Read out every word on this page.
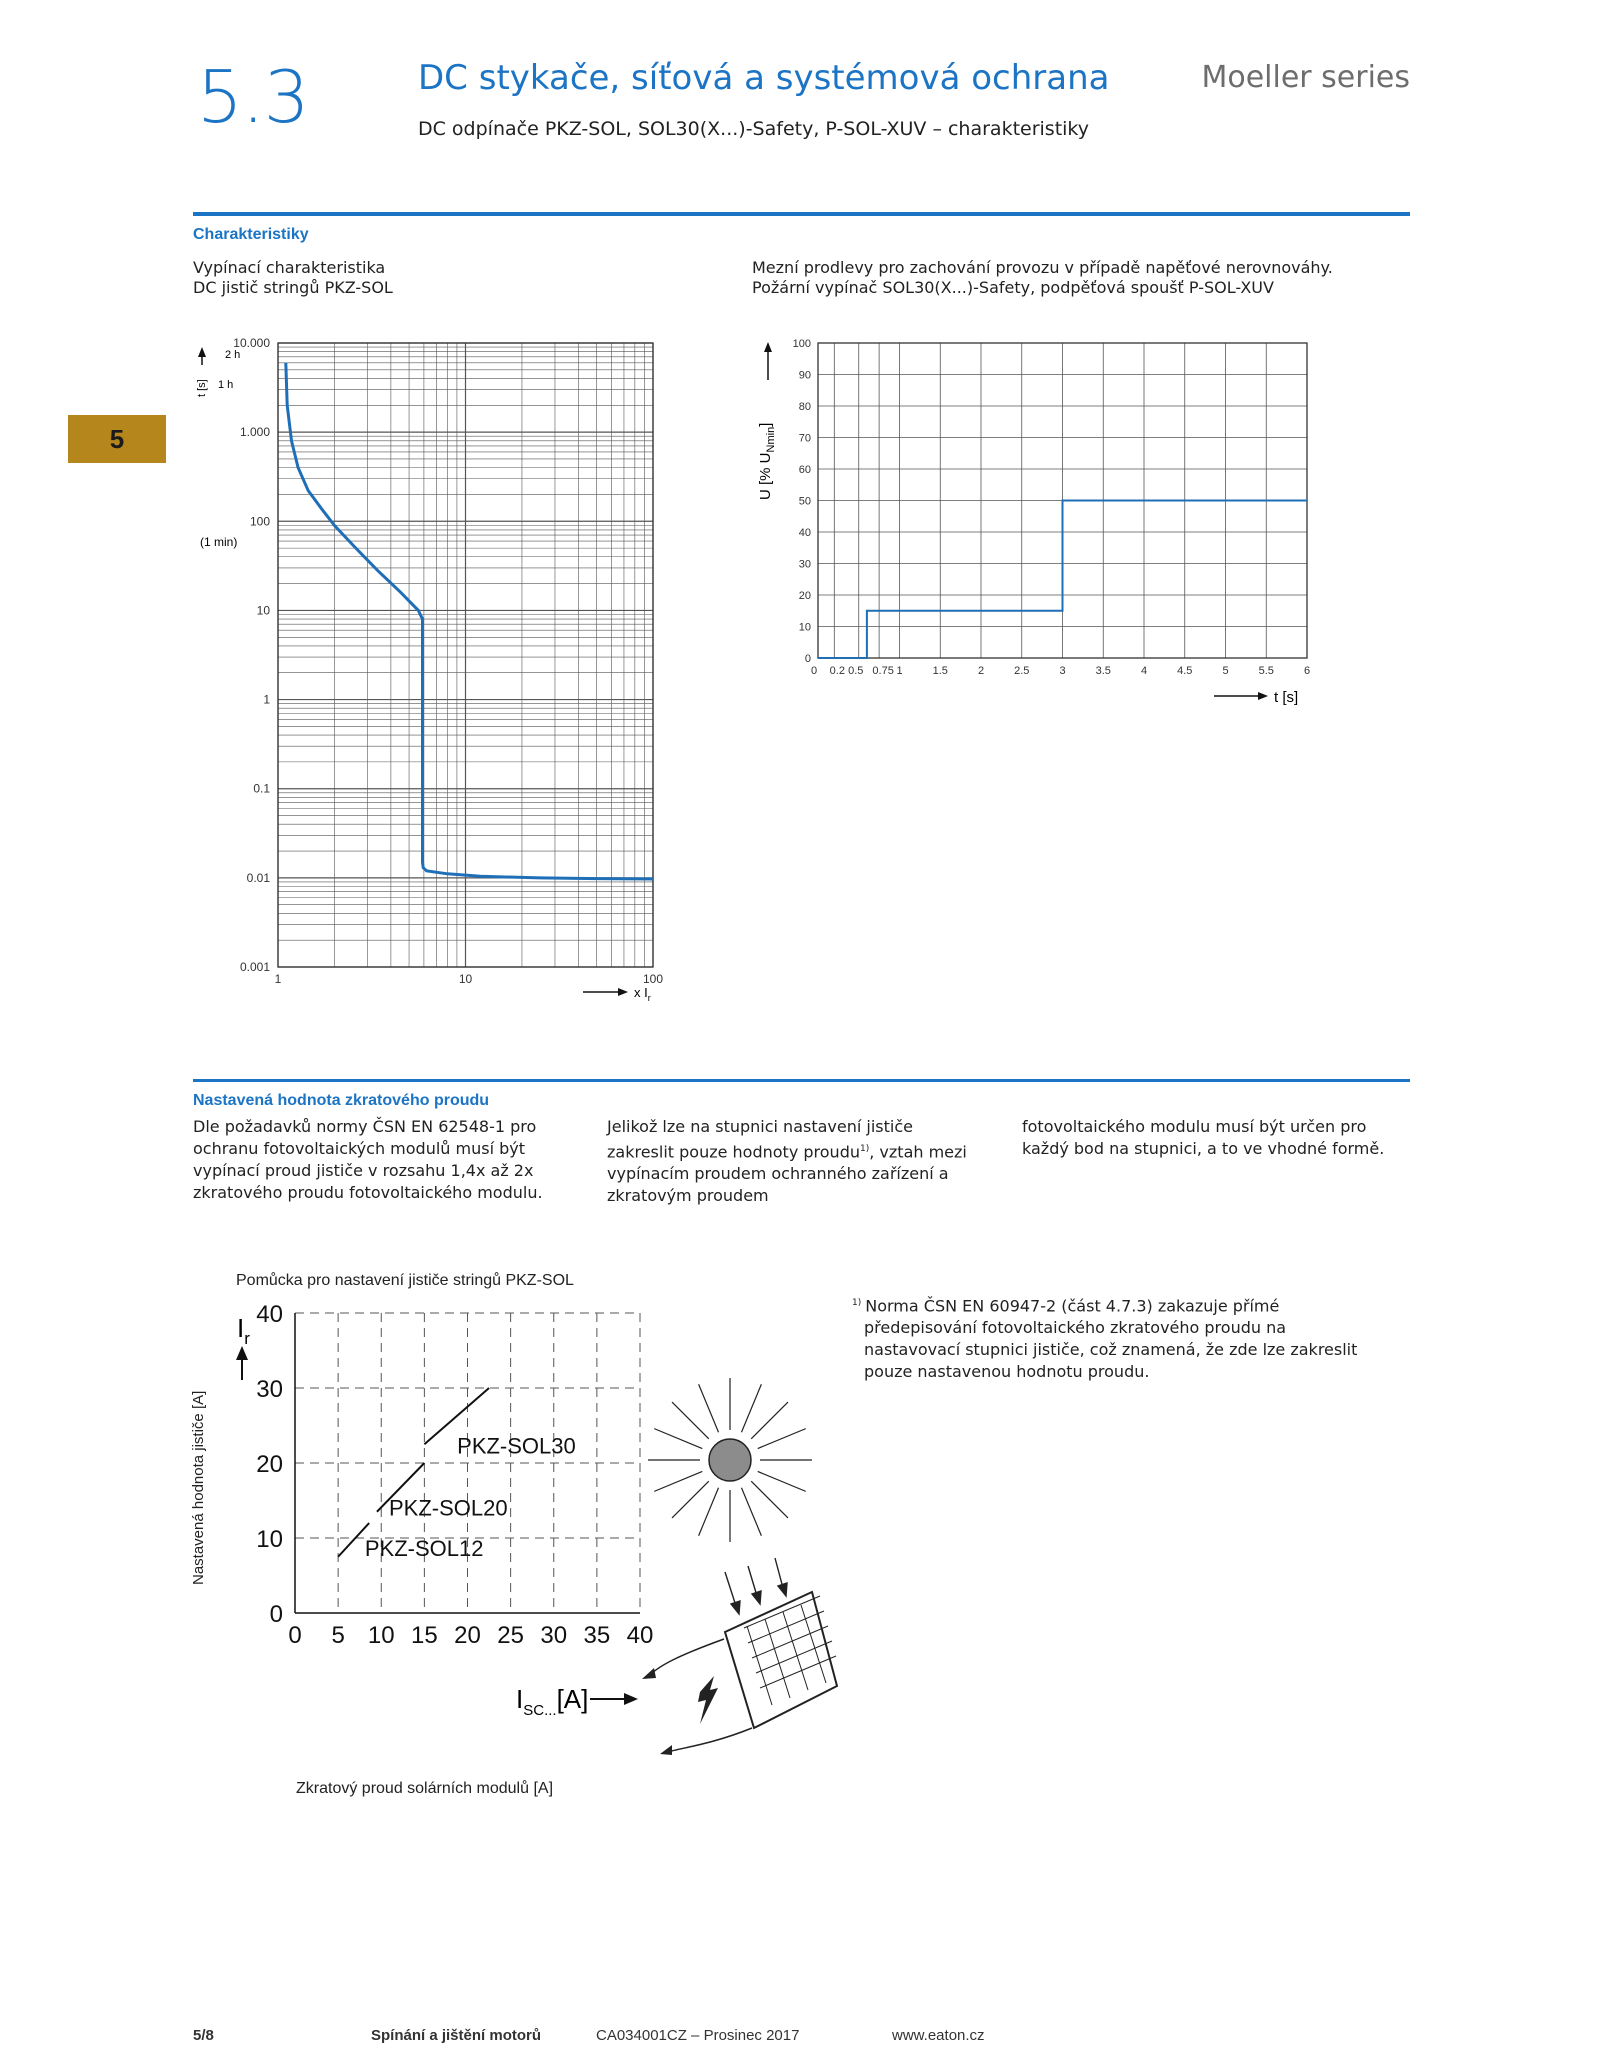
5.3	DC stykače, síťová a systémová ochrana
DC odpínače PKZ-SOL, SOL30(X...)-Safety, P-SOL-XUV – charakteristiky
Moeller series
5
Charakteristiky
Vypínací charakteristika
DC jistič stringů PKZ-SOL
Mezní prodlevy pro zachování provozu v případě napěťové nerovnováhy.
Požární vypínač SOL30(X...)-Safety, podpěťová spoušť P-SOL-XUV
10.000
1.000
100
10
1
0.1
0.01
0.001
1	10	100
2 h
1 h
(1 min)
t [s]
x $I_r$
0
10
20
30
40
50
60
70
80
90
100
0 0.2 0.5 0.75 1	1.5	2	2.5	3	3.5	4	4.5	5	5.5	6
U [% $U_{Nmin}$]
t [s]
Nastavená hodnota zkratového proudu
Dle požadavků normy ČSN EN 62548-1 pro
ochranu fotovoltaických modulů musí být
vypínací proud jističe v rozsahu 1,4x až 2x
zkratového proudu fotovoltaického modulu.
Jelikož lze na stupnici nastavení jističe
zakreslit pouze hodnoty proudu$^{1)}$, vztah mezi
vypínacím proudem ochranného zařízení a
zkratovým proudem
fotovoltaického modulu musí být určen pro
každý bod na stupnici, a to ve vhodné formě.
Pomůcka pro nastavení jističe stringů PKZ-SOL
0
10
20
30
40
0 5 10 15 20 25 30 35 40
PKZ-SOL12
PKZ-SOL20
PKZ-SOL30
Nastavená hodnota jističe [A]
$I_r$
$I_{SC...}[A]$
Zkratový proud solárních modulů [A]
$^{1)}$ Norma ČSN EN 60947-2 (část 4.7.3) zakazuje přímé
předepisování fotovoltaického zkratového proudu na
nastavovací stupnici jističe, což znamená, že zde lze zakreslit
pouze nastavenou hodnotu proudu.
5/8	Spínání a jištění motorů	CA034001CZ – Prosinec 2017	www.eaton.cz
